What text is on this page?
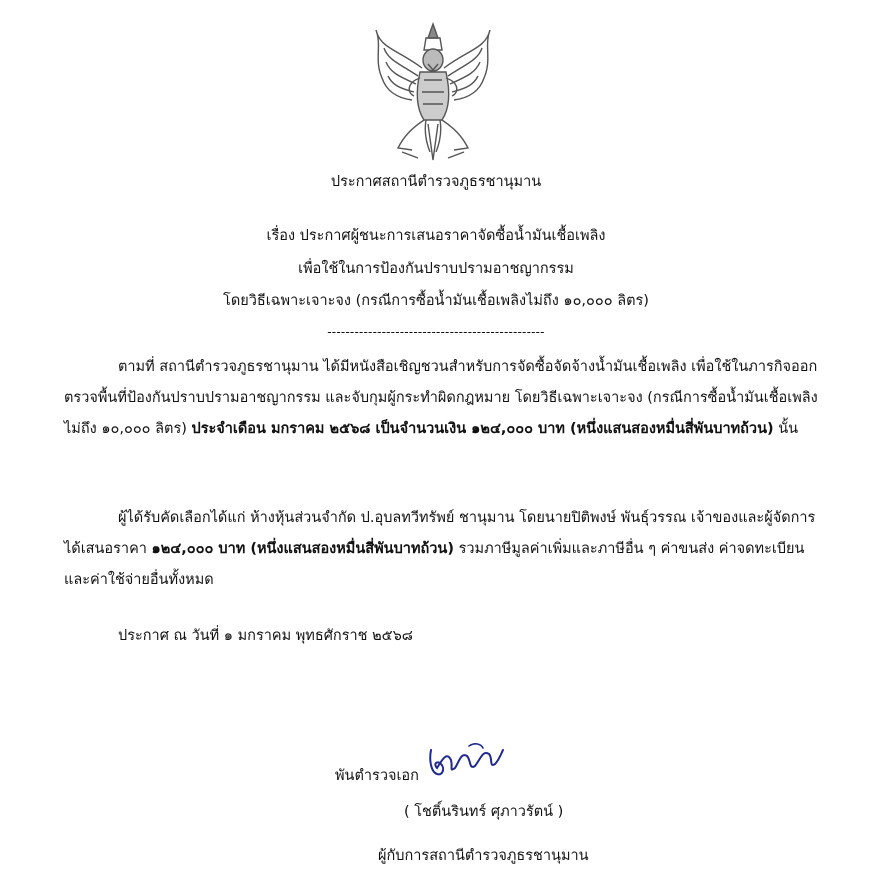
ประกาศสถานีตำรวจภูธรชานุมาน
เรื่อง ประกาศผู้ชนะการเสนอราคาจัดซื้อน้ำมันเชื้อเพลิง
เพื่อใช้ในการป้องกันปราบปรามอาชญากรรม
โดยวิธีเฉพาะเจาะจง (กรณีการซื้อน้ำมันเชื้อเพลิงไม่ถึง ๑๐,๐๐๐ ลิตร)
------------------------------------------------
ตามที่ สถานีตำรวจภูธรชานุมาน ได้มีหนังสือเชิญชวนสำหรับการจัดซื้อจัดจ้างน้ำมันเชื้อเพลิง เพื่อใช้ในภารกิจออกตรวจพื้นที่ป้องกันปราบปรามอาชญากรรม และจับกุมผู้กระทำผิดกฎหมาย โดยวิธีเฉพาะเจาะจง (กรณีการซื้อน้ำมันเชื้อเพลิงไม่ถึง ๑๐,๐๐๐ ลิตร) ประจำเดือน มกราคม ๒๕๖๘ เป็นจำนวนเงิน ๑๒๔,๐๐๐ บาท (หนึ่งแสนสองหมื่นสี่พันบาทถ้วน) นั้น
ผู้ได้รับคัดเลือกได้แก่ ห้างหุ้นส่วนจำกัด ป.อุบลทวีทรัพย์ ชานุมาน โดยนายปิติพงษ์ พันธุ์วรรณ เจ้าของและผู้จัดการได้เสนอราคา ๑๒๔,๐๐๐ บาท (หนึ่งแสนสองหมื่นสี่พันบาทถ้วน) รวมภาษีมูลค่าเพิ่มและภาษีอื่น ๆ ค่าขนส่ง ค่าจดทะเบียนและค่าใช้จ่ายอื่นทั้งหมด
ประกาศ ณ วันที่ ๑ มกราคม พุทธศักราช ๒๕๖๘
พันตำรวจเอก
( โชติ์นรินทร์ ศุภาวรัตน์ )
ผู้กับการสถานีตำรวจภูธรชานุมาน
